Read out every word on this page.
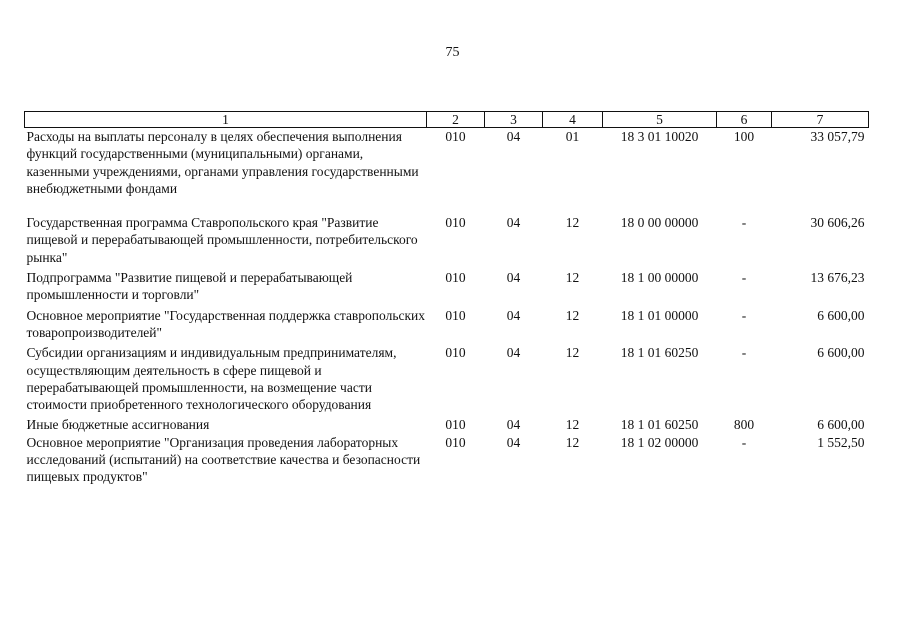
75
1	2	3	4	5	6	7
Расходы на выплаты персоналу в целях обеспечения выполнения функций государственными (муниципальными) органами, казенными учреждениями, органами управления государственными внебюджетными фондами	010	04	01	18 3 01 10020	100	33 057,79
Государственная программа Ставропольского края "Развитие пищевой и перерабатывающей промышленности, потребительского рынка"	010	04	12	18 0 00 00000	-	30 606,26
Подпрограмма "Развитие пищевой и перерабатывающей промышленности и торговли"	010	04	12	18 1 00 00000	-	13 676,23
Основное мероприятие "Государственная поддержка ставропольских товаропроизводителей"	010	04	12	18 1 01 00000	-	6 600,00
Субсидии организациям и индивидуальным предпринимателям, осуществляющим деятельность в сфере пищевой и перерабатывающей промышленности, на возмещение части стоимости приобретенного технологического оборудования	010	04	12	18 1 01 60250	-	6 600,00
Иные бюджетные ассигнования	010	04	12	18 1 01 60250	800	6 600,00
Основное мероприятие "Организация проведения лабораторных исследований (испытаний) на соответствие качества и безопасности пищевых продуктов"	010	04	12	18 1 02 00000	-	1 552,50
